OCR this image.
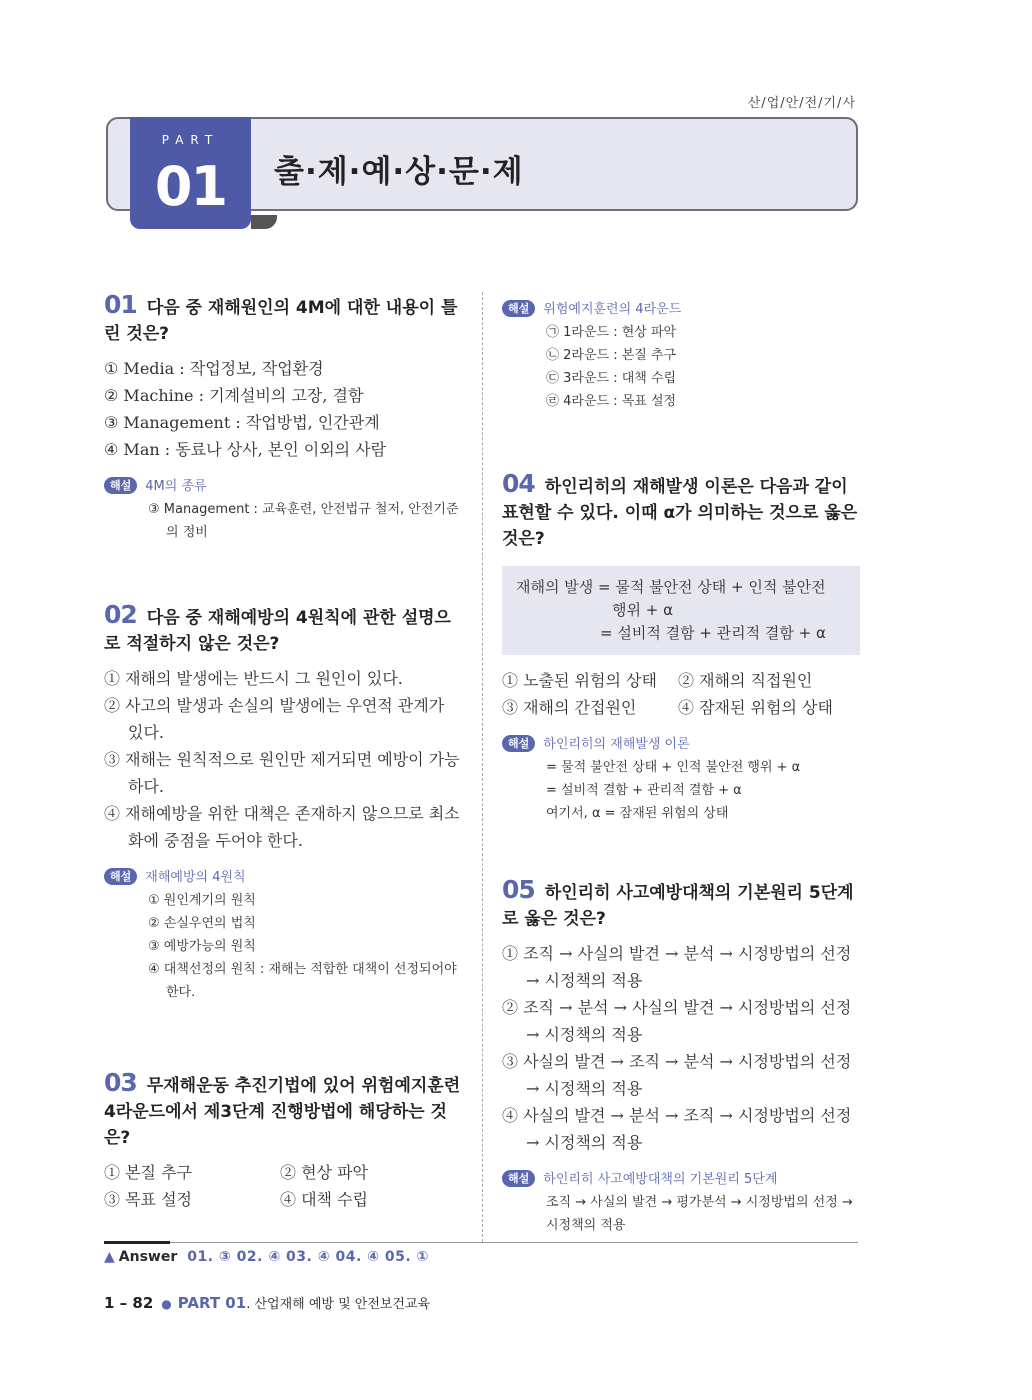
산/업/안/전/기/사
PART
01	출·제·예·상·문·제
01 다음 중 재해원인의 4M에 대한 내용이 틀린 것은?
① Media : 작업정보, 작업환경
② Machine : 기계설비의 고장, 결함
③ Management : 작업방법, 인간관계
④ Man : 동료나 상사, 본인 이외의 사람
해설 4M의 종류
③ Management : 교육훈련, 안전법규 철저, 안전기준의 정비
02 다음 중 재해예방의 4원칙에 관한 설명으로 적절하지 않은 것은?
① 재해의 발생에는 반드시 그 원인이 있다.
② 사고의 발생과 손실의 발생에는 우연적 관계가 있다.
③ 재해는 원칙적으로 원인만 제거되면 예방이 가능하다.
④ 재해예방을 위한 대책은 존재하지 않으므로 최소화에 중점을 두어야 한다.
해설 재해예방의 4원칙
① 원인계기의 원칙
② 손실우연의 법칙
③ 예방가능의 원칙
④ 대책선정의 원칙 : 재해는 적합한 대책이 선정되어야 한다.
03 무재해운동 추진기법에 있어 위험예지훈련 4라운드에서 제3단계 진행방법에 해당하는 것은?
① 본질 추구	② 현상 파악
③ 목표 설정	④ 대책 수립
해설 위험예지훈련의 4라운드
㉠ 1라운드 : 현상 파악
㉡ 2라운드 : 본질 추구
㉢ 3라운드 : 대책 수립
㉣ 4라운드 : 목표 설정
04 하인리히의 재해발생 이론은 다음과 같이 표현할 수 있다. 이때 α가 의미하는 것으로 옳은 것은?
재해의 발생 = 물적 불안전 상태 + 인적 불안전
행위 + α
= 설비적 결함 + 관리적 결함 + α
① 노출된 위험의 상태	② 재해의 직접원인
③ 재해의 간접원인	④ 잠재된 위험의 상태
해설 하인리히의 재해발생 이론
= 물적 불안전 상태 + 인적 불안전 행위 + α
= 설비적 결함 + 관리적 결함 + α
여기서, α = 잠재된 위험의 상태
05 하인리히 사고예방대책의 기본원리 5단계로 옳은 것은?
① 조직 → 사실의 발견 → 분석 → 시정방법의 선정 → 시정책의 적용
② 조직 → 분석 → 사실의 발견 → 시정방법의 선정 → 시정책의 적용
③ 사실의 발견 → 조직 → 분석 → 시정방법의 선정 → 시정책의 적용
④ 사실의 발견 → 분석 → 조직 → 시정방법의 선정 → 시정책의 적용
해설 하인리히 사고예방대책의 기본원리 5단계
조직 → 사실의 발견 → 평가분석 → 시정방법의 선정 → 시정책의 적용
▲ Answer 01. ③ 02. ④ 03. ④ 04. ④ 05. ①
1 – 82 ● PART 01. 산업재해 예방 및 안전보건교육
